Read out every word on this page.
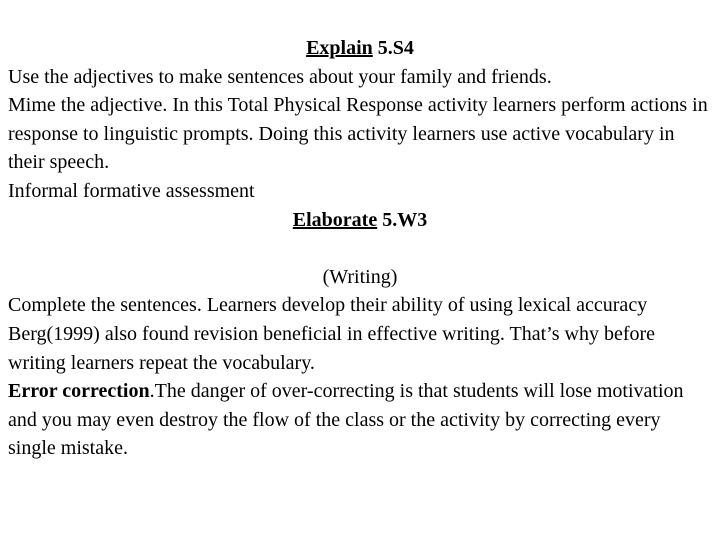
Explain 5.S4
Use the adjectives to make sentences about your family and friends.
Mime the adjective. In this Total Physical Response activity learners perform actions in response to linguistic prompts. Doing this activity learners use active vocabulary in their speech.
Informal formative assessment
Elaborate 5.W3
(Writing)
Complete the sentences. Learners develop their ability of using lexical accuracy
Berg(1999) also found revision beneficial in effective writing. That’s why before writing learners repeat the vocabulary.
Error correction.The danger of over-correcting is that students will lose motivation and you may even destroy the flow of the class or the activity by correcting every single mistake.
